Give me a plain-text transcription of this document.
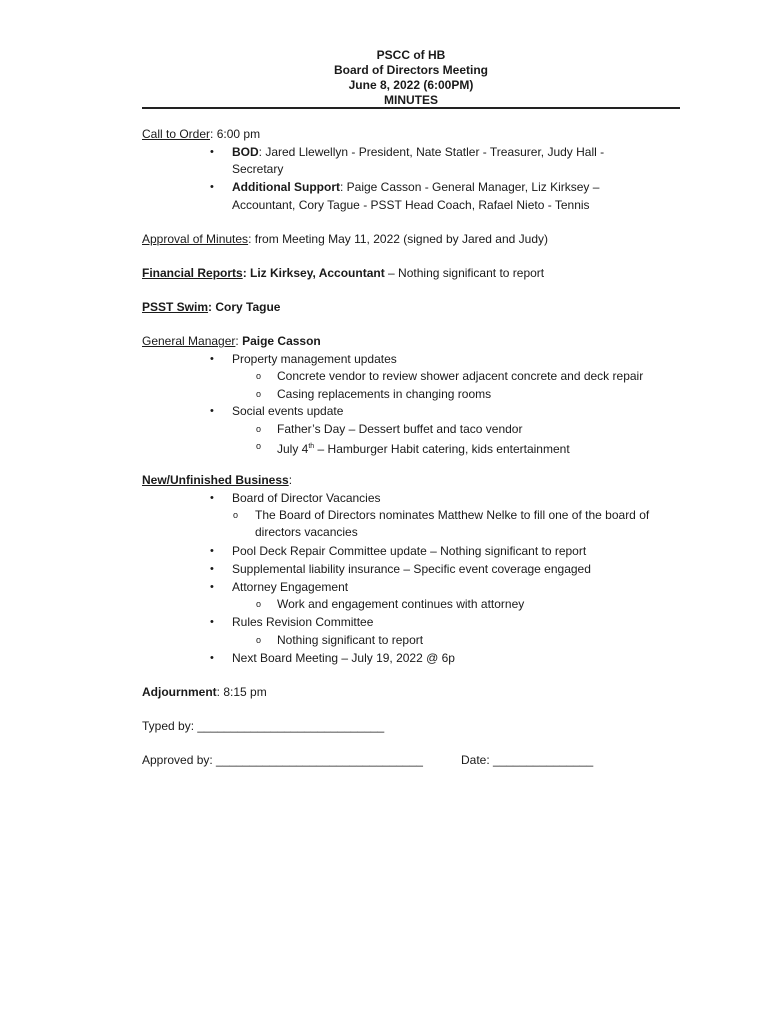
PSCC of HB
Board of Directors Meeting
June 8, 2022 (6:00PM)
MINUTES
Call to Order: 6:00 pm
• BOD: Jared Llewellyn - President, Nate Statler - Treasurer, Judy Hall -
Secretary
• Additional Support: Paige Casson - General Manager, Liz Kirksey –
Accountant, Cory Tague - PSST Head Coach, Rafael Nieto - Tennis
Approval of Minutes: from Meeting May 11, 2022 (signed by Jared and Judy)
Financial Reports: Liz Kirksey, Accountant – Nothing significant to report
PSST Swim: Cory Tague
General Manager: Paige Casson
• Property management updates
o Concrete vendor to review shower adjacent concrete and deck repair
o Casing replacements in changing rooms
• Social events update
o Father’s Day – Dessert buffet and taco vendor
o July 4th – Hamburger Habit catering, kids entertainment
New/Unfinished Business:
• Board of Director Vacancies
o The Board of Directors nominates Matthew Nelke to fill one of the board of
directors vacancies
• Pool Deck Repair Committee update – Nothing significant to report
• Supplemental liability insurance – Specific event coverage engaged
• Attorney Engagement
o Work and engagement continues with attorney
• Rules Revision Committee
o Nothing significant to report
• Next Board Meeting – July 19, 2022 @ 6p
Adjournment: 8:15 pm
Typed by: ____________________________
Approved by: _______________________________	Date: _______________
